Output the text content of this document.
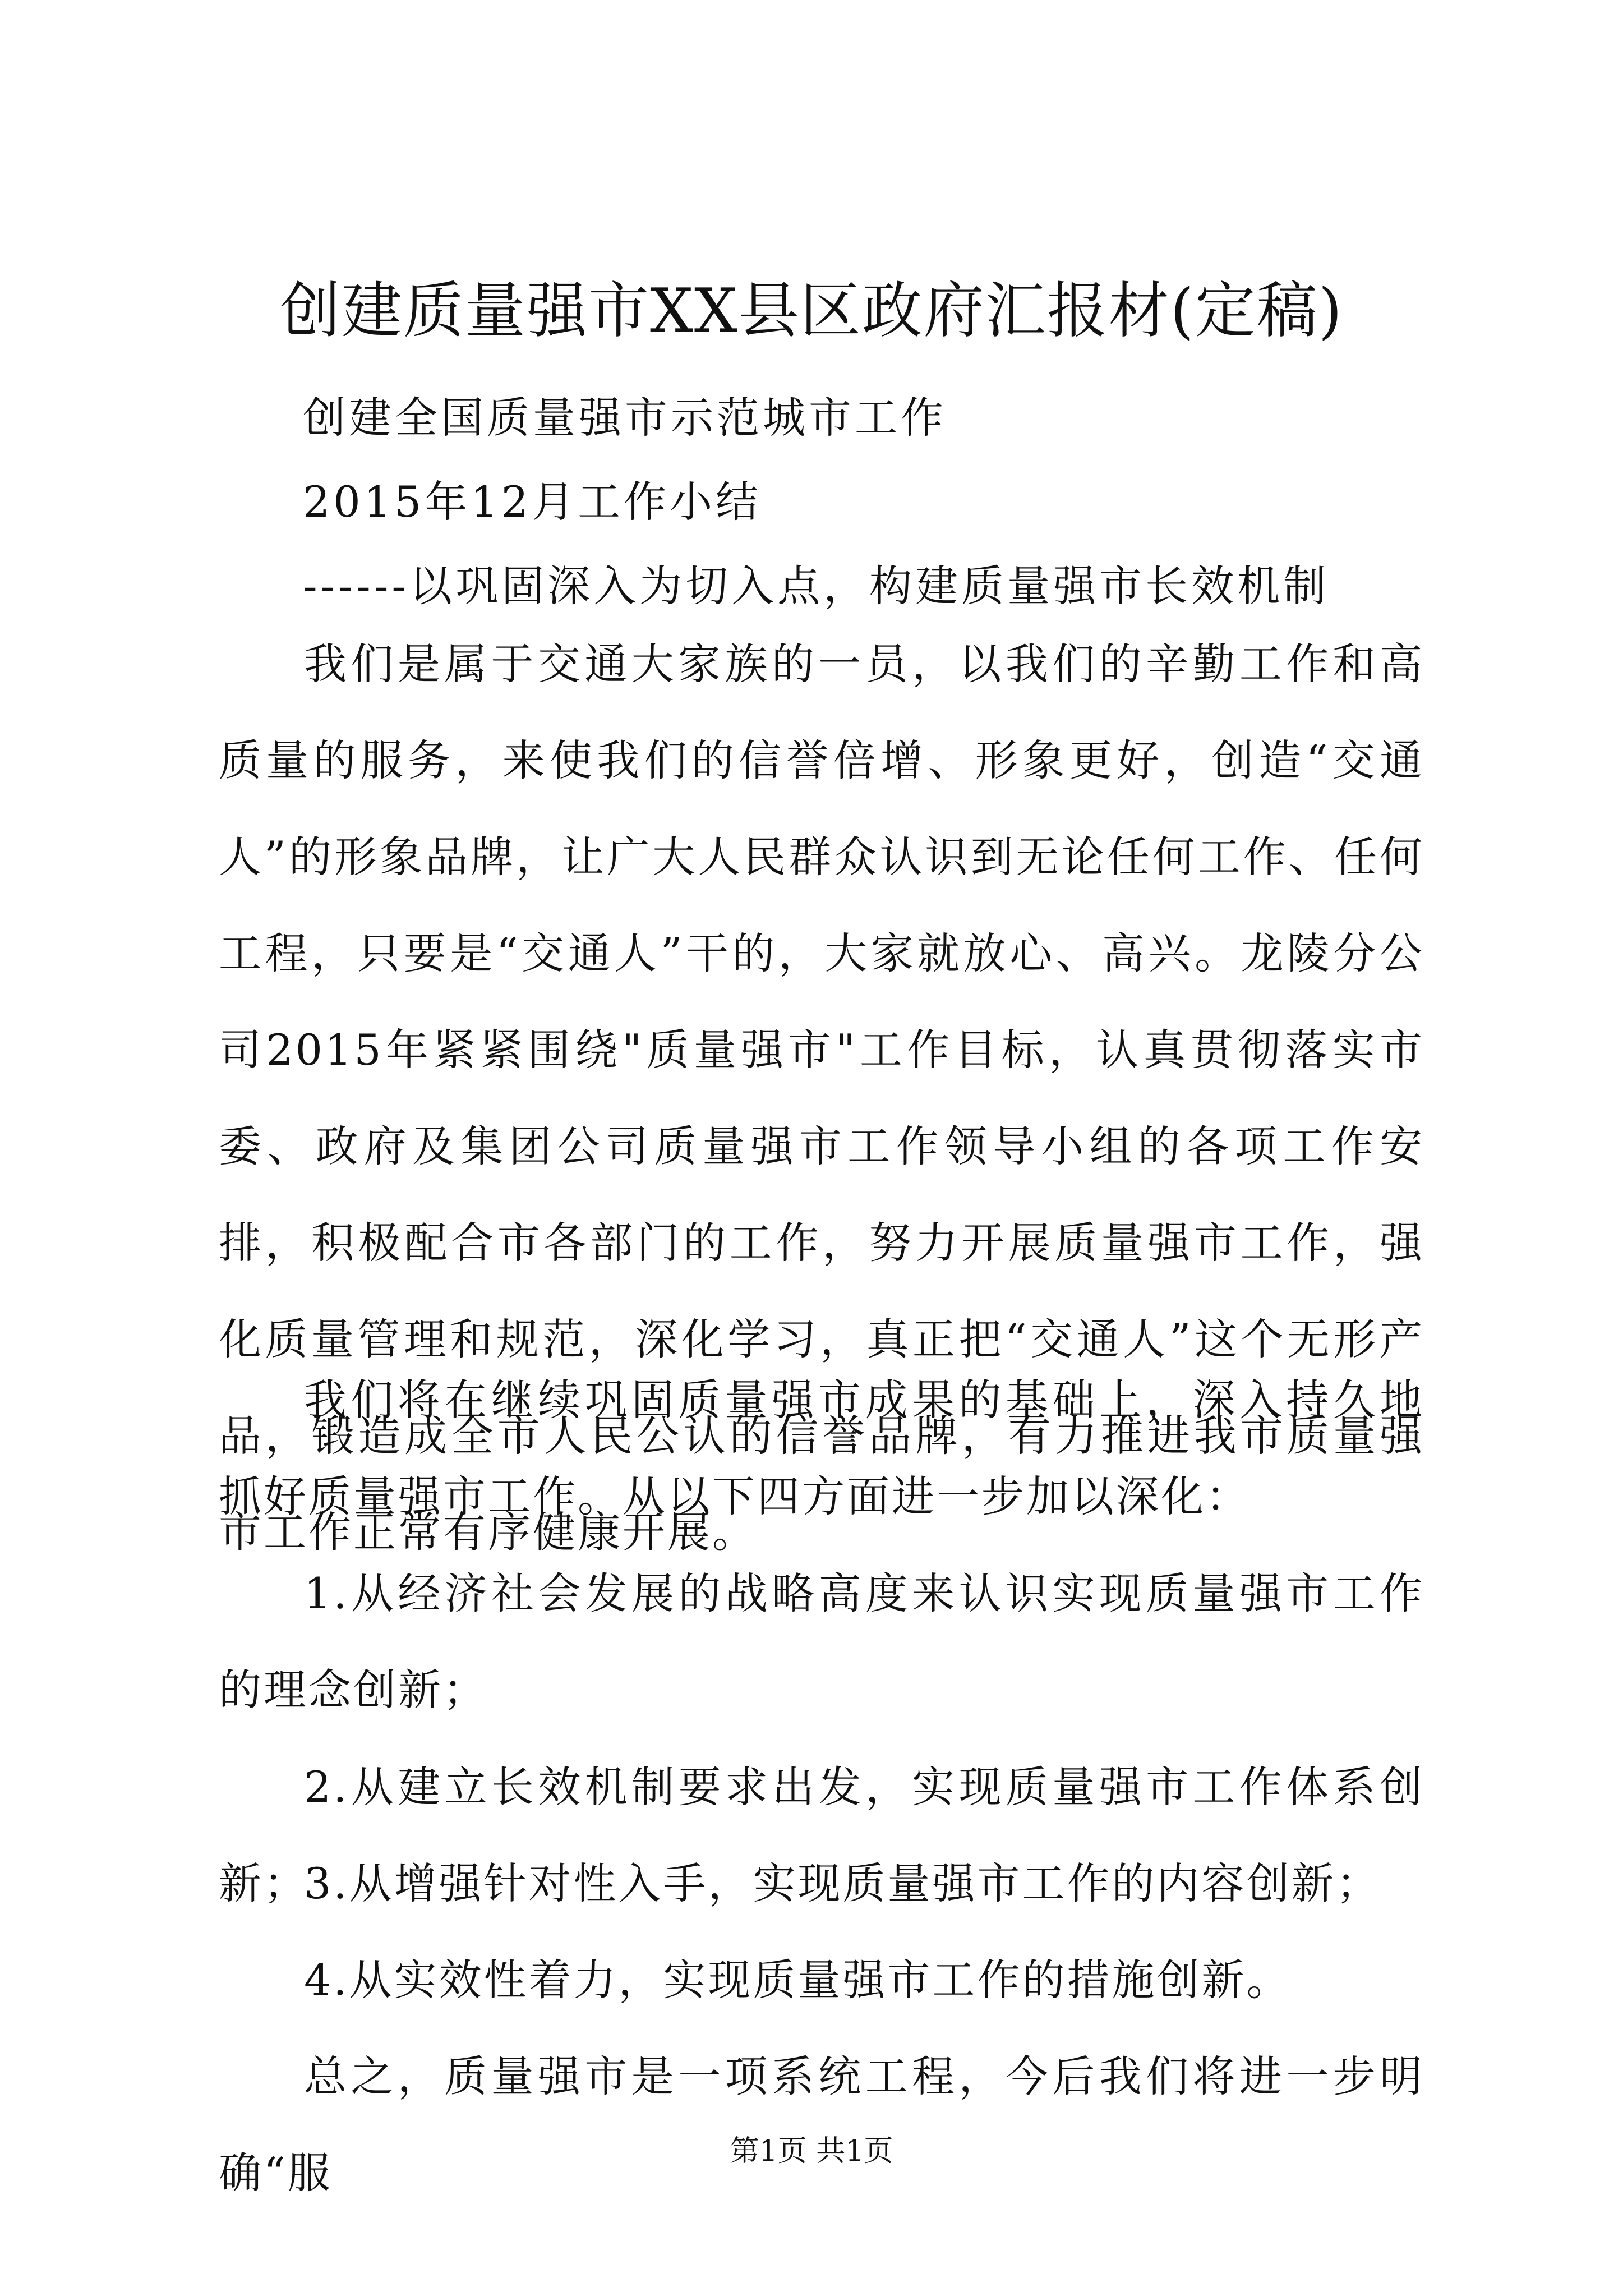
创建质量强市XX县区政府汇报材(定稿)
创建全国质量强市示范城市工作
2015年12月工作小结
------以巩固深入为切入点，构建质量强市长效机制
我们是属于交通大家族的一员，以我们的辛勤工作和高质量的服务，来使我们的信誉倍增、形象更好，创造“交通人”的形象品牌，让广大人民群众认识到无论任何工作、任何工程，只要是“交通人”干的，大家就放心、高兴。龙陵分公司2015年紧紧围绕"质量强市"工作目标，认真贯彻落实市委、政府及集团公司质量强市工作领导小组的各项工作安排，积极配合市各部门的工作，努力开展质量强市工作，强化质量管理和规范，深化学习，真正把“交通人”这个无形产品，锻造成全市人民公认的信誉品牌，有力推进我市质量强市工作正常有序健康开展。
我们将在继续巩固质量强市成果的基础上，深入持久地抓好质量强市工作。从以下四方面进一步加以深化：
1.从经济社会发展的战略高度来认识实现质量强市工作的理念创新；
2.从建立长效机制要求出发，实现质量强市工作体系创新；
3.从增强针对性入手，实现质量强市工作的内容创新；
4.从实效性着力，实现质量强市工作的措施创新。
总之，质量强市是一项系统工程，今后我们将进一步明确“服	第1页 共1页
